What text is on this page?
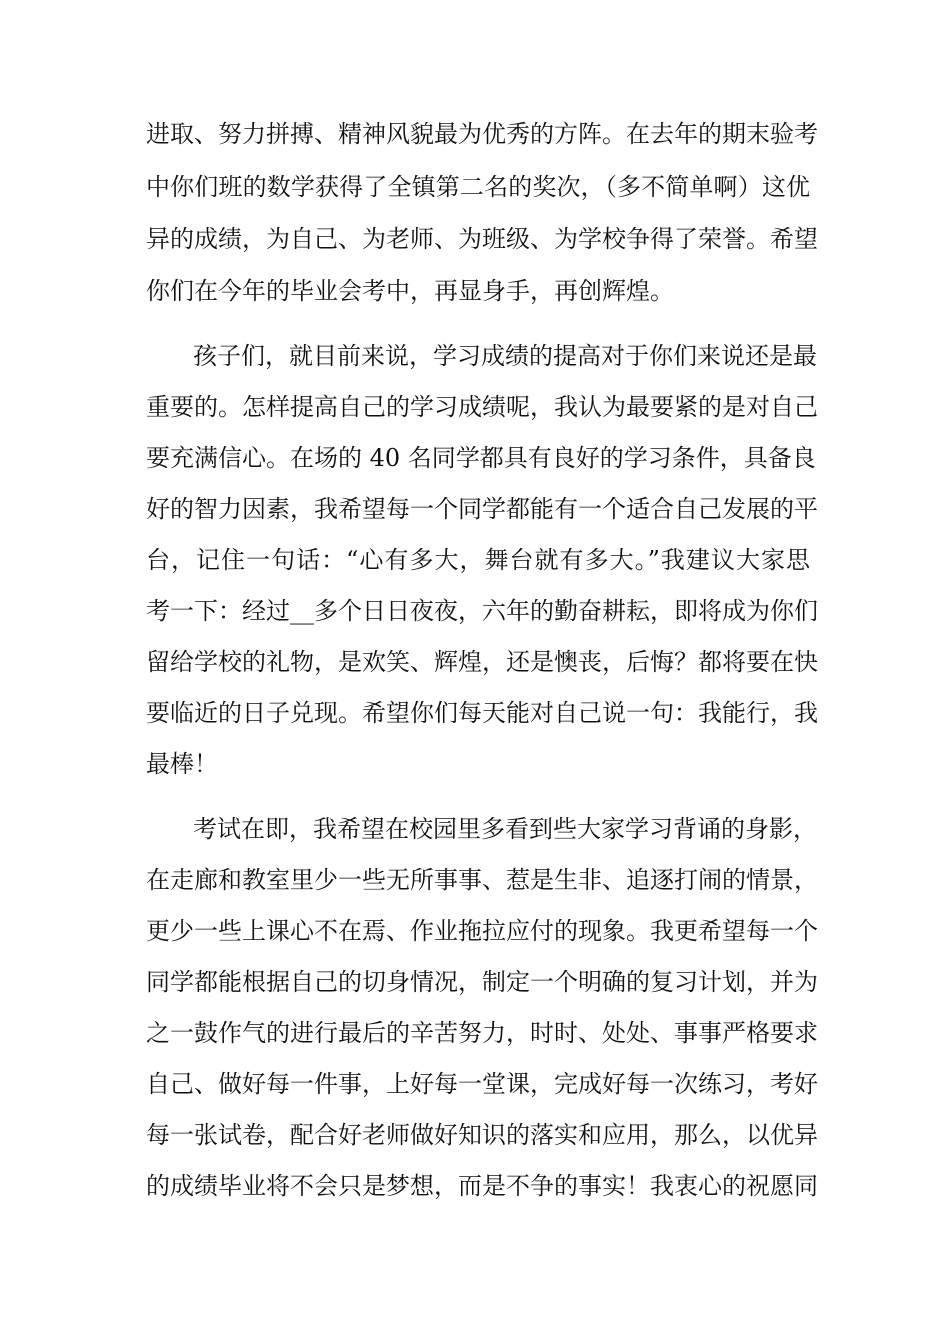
进取、努力拼搏、精神风貌最为优秀的方阵。在去年的期末验考

中你们班的数学获得了全镇第二名的奖次，（多不简单啊）这优

异的成绩，为自己、为老师、为班级、为学校争得了荣誉。希望

你们在今年的毕业会考中，再显身手，再创辉煌。

孩子们，就目前来说，学习成绩的提高对于你们来说还是最

重要的。怎样提高自己的学习成绩呢，我认为最要紧的是对自己

要充满信心。在场的 40 名同学都具有良好的学习条件，具备良

好的智力因素，我希望每一个同学都能有一个适合自己发展的平

台，记住一句话：“心有多大，舞台就有多大。”我建议大家思

考一下：经过__多个日日夜夜，六年的勤奋耕耘，即将成为你们

留给学校的礼物，是欢笑、辉煌，还是懊丧，后悔？都将要在快

要临近的日子兑现。希望你们每天能对自己说一句：我能行，我

最棒！

考试在即，我希望在校园里多看到些大家学习背诵的身影，

在走廊和教室里少一些无所事事、惹是生非、追逐打闹的情景，

更少一些上课心不在焉、作业拖拉应付的现象。我更希望每一个

同学都能根据自己的切身情况，制定一个明确的复习计划，并为

之一鼓作气的进行最后的辛苦努力，时时、处处、事事严格要求

自己、做好每一件事，上好每一堂课，完成好每一次练习，考好

每一张试卷，配合好老师做好知识的落实和应用，那么，以优异

的成绩毕业将不会只是梦想，而是不争的事实！我衷心的祝愿同
